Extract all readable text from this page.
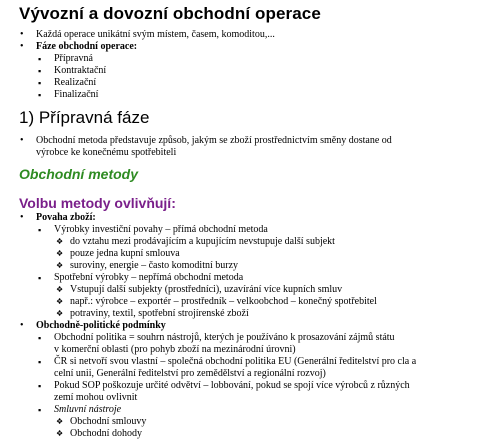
Vývozní a dovozní obchodní operace
•
Každá operace unikátní svým místem, časem, komoditou,...
•
Fáze obchodní operace:
▪
Přípravná
▪
Kontraktační
▪
Realizační
▪
Finalizační
1) Přípravná fáze
•
Obchodní metoda představuje způsob, jakým se zboží prostřednictvím směny dostane od
výrobce ke konečnému spotřebiteli
Obchodní metody
Volbu metody ovlivňují:
•
Povaha zboží:
▪
Výrobky investiční povahy – přímá obchodní metoda
❖
do vztahu mezi prodávajícím a kupujícím nevstupuje další subjekt
❖
pouze jedna kupní smlouva
❖
suroviny, energie – často komoditní burzy
▪
Spotřební výrobky – nepřímá obchodní metoda
❖
Vstupují další subjekty (prostředníci), uzavírání více kupních smluv
❖
např.: výrobce – exportér – prostředník – velkoobchod – konečný spotřebitel
❖
potraviny, textil, spotřební strojírenské zboží
•
Obchodně-politické podmínky
▪
Obchodní politika = souhrn nástrojů, kterých je používáno k prosazování zájmů státu
v komerční oblasti (pro pohyb zboží na mezinárodní úrovni)
▪
ČR si netvoří svou vlastní – společná obchodní politika EU (Generální ředitelství pro cla a
celní unii, Generální ředitelství pro zemědělství a regionální rozvoj)
▪
Pokud SOP poškozuje určité odvětví – lobbování, pokud se spojí více výrobců z různých
zemí mohou ovlivnit
▪
Smluvní nástroje
❖
Obchodní smlouvy
❖
Obchodní dohody
